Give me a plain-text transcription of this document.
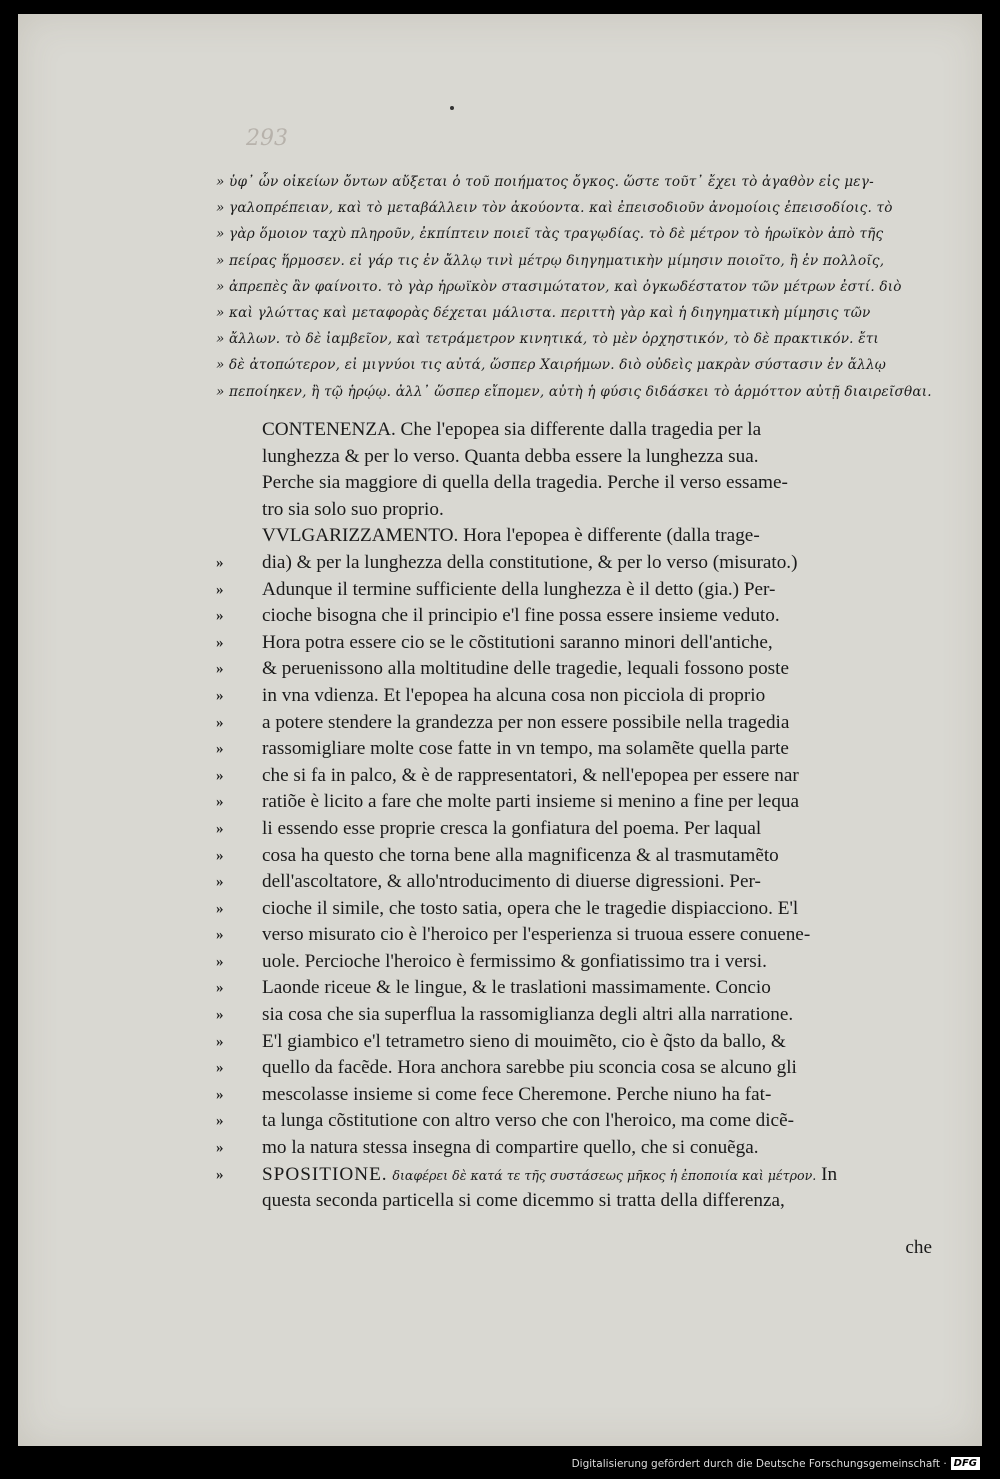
293
» ὑφ᾽ ὧν οἰκείων ὄντων αὔξεται ὁ τοῦ ποιήματος ὄγκος. ὥστε τοῦτ᾽ ἔχει τὸ ἀγαθὸν εἰς μεγ-
» γαλοπρέπειαν, καὶ τὸ μεταβάλλειν τὸν ἀκούοντα. καὶ ἐπεισοδιοῦν ἀνομοίοις ἐπεισοδίοις. τὸ
» γὰρ ὅμοιον ταχὺ πληροῦν, ἐκπίπτειν ποιεῖ τὰς τραγῳδίας. τὸ δὲ μέτρον τὸ ἡρωϊκὸν ἀπὸ τῆς
» πείρας ἥρμοσεν. εἰ γάρ τις ἐν ἄλλῳ τινὶ μέτρῳ διηγηματικὴν μίμησιν ποιοῖτο, ἢ ἐν πολλοῖς,
» ἀπρεπὲς ἂν φαίνοιτο. τὸ γὰρ ἡρωϊκὸν στασιμώτατον, καὶ ὀγκωδέστατον τῶν μέτρων ἐστί. διὸ
» καὶ γλώττας καὶ μεταφορὰς δέχεται μάλιστα. περιττὴ γὰρ καὶ ἡ διηγηματικὴ μίμησις τῶν
» ἄλλων. τὸ δὲ ἰαμβεῖον, καὶ τετράμετρον κινητικά, τὸ μὲν ὀρχηστικόν, τὸ δὲ πρακτικόν. ἔτι
» δὲ ἀτοπώτερον, εἰ μιγνύοι τις αὐτά, ὥσπερ Χαιρήμων. διὸ οὐδεὶς μακρὰν σύστασιν ἐν ἄλλῳ
» πεποίηκεν, ἢ τῷ ἡρῴῳ. ἀλλ᾽ ὥσπερ εἴπομεν, αὐτὴ ἡ φύσις διδάσκει τὸ ἁρμόττον αὐτῇ διαιρεῖσθαι.
CONTENENZA. Che l'epopea sia differente dalla tragedia per la
lunghezza & per lo verso. Quanta debba essere la lunghezza sua.
Perche sia maggiore di quella della tragedia. Perche il verso essame-
tro sia solo suo proprio.
VVLGARIZZAMENTO. Hora l'epopea è differente (dalla trage-
»	dia) & per la lunghezza della constitutione, & per lo verso (misurato.)
»	Adunque il termine sufficiente della lunghezza è il detto (gia.) Per-
»	cioche bisogna che il principio e'l fine possa essere insieme veduto.
»	Hora potra essere cio se le cõstitutioni saranno minori dell'antiche,
»	& peruenissono alla moltitudine delle tragedie, lequali fossono poste
»	in vna vdienza. Et l'epopea ha alcuna cosa non picciola di proprio
»	a potere stendere la grandezza per non essere possibile nella tragedia
»	rassomigliare molte cose fatte in vn tempo, ma solamẽte quella parte
»	che si fa in palco, & è de rappresentatori, & nell'epopea per essere nar
»	ratiõe è licito a fare che molte parti insieme si menino a fine per lequa
»	li essendo esse proprie cresca la gonfiatura del poema. Per laqual
»	cosa ha questo che torna bene alla magnificenza & al trasmutamẽto
»	dell'ascoltatore, & allo'ntroducimento di diuerse digressioni. Per-
»	cioche il simile, che tosto satia, opera che le tragedie dispiacciono. E'l
»	verso misurato cio è l'heroico per l'esperienza si truoua essere conuene-
»	uole. Percioche l'heroico è fermissimo & gonfiatissimo tra i versi.
»	Laonde riceue & le lingue, & le traslationi massimamente. Concio
»	sia cosa che sia superflua la rassomiglianza degli altri alla narratione.
»	E'l giambico e'l tetrametro sieno di mouimẽto, cio è q̃sto da ballo, &
»	quello da facẽde. Hora anchora sarebbe piu sconcia cosa se alcuno gli
»	mescolasse insieme si come fece Cheremone. Perche niuno ha fat-
»	ta lunga cõstitutione con altro verso che con l'heroico, ma come dicẽ-
»	mo la natura stessa insegna di compartire quello, che si conuẽga.
»	SPOSITIONE. διαφέρει δὲ κατά τε τῆς συστάσεως μῆκος ἡ ἐποποιία καὶ μέτρον. In
questa seconda particella si come dicemmo si tratta della differenza,
che
Digitalisierung gefördert durch die Deutsche Forschungsgemeinschaft · DFG
